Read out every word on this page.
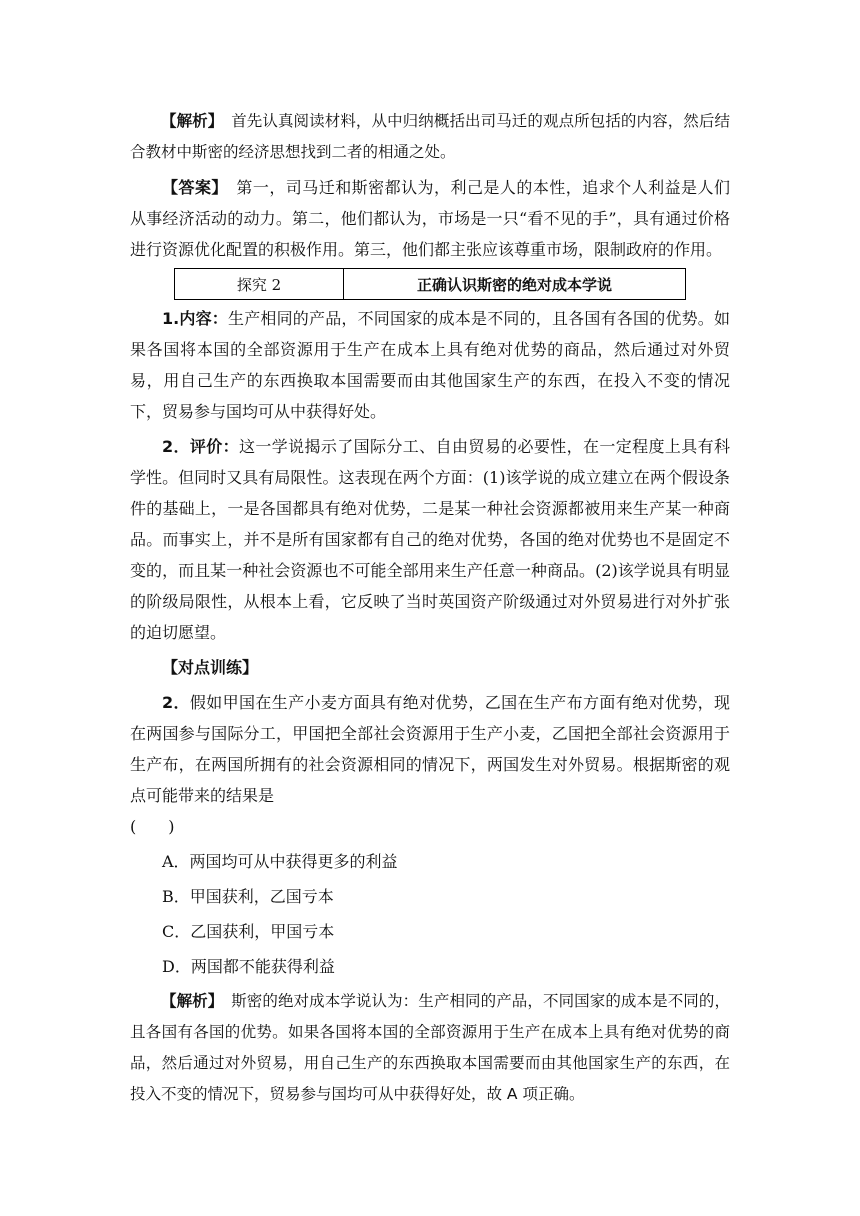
【解析】　 首先认真阅读材料，从中归纳概括出司马迁的观点所包括的内容，然后结合教材中斯密的经济思想找到二者的相通之处。

【答案】　 第一，司马迁和斯密都认为，利己是人的本性，追求个人利益是人们从事经济活动的动力。第二，他们都认为，市场是一只“看不见的手”，具有通过价格进行资源优化配置的积极作用。第三，他们都主张应该尊重市场，限制政府的作用。

探究 2	正确认识斯密的绝对成本学说

1.内容：生产相同的产品，不同国家的成本是不同的，且各国有各国的优势。如果各国将本国的全部资源用于生产在成本上具有绝对优势的商品，然后通过对外贸易，用自己生产的东西换取本国需要而由其他国家生产的东西，在投入不变的情况下，贸易参与国均可从中获得好处。

2．评价：这一学说揭示了国际分工、自由贸易的必要性，在一定程度上具有科学性。但同时又具有局限性。这表现在两个方面：(1)该学说的成立建立在两个假设条件的基础上，一是各国都具有绝对优势，二是某一种社会资源都被用来生产某一种商品。而事实上，并不是所有国家都有自己的绝对优势，各国的绝对优势也不是固定不变的，而且某一种社会资源也不可能全部用来生产任意一种商品。(2)该学说具有明显的阶级局限性，从根本上看，它反映了当时英国资产阶级通过对外贸易进行对外扩张的迫切愿望。

【对点训练】

2．假如甲国在生产小麦方面具有绝对优势，乙国在生产布方面有绝对优势，现在两国参与国际分工，甲国把全部社会资源用于生产小麦，乙国把全部社会资源用于生产布，在两国所拥有的社会资源相同的情况下，两国发生对外贸易。根据斯密的观点可能带来的结果是

(　　)

A．两国均可从中获得更多的利益

B．甲国获利，乙国亏本

C．乙国获利，甲国亏本

D．两国都不能获得利益

【解析】　 斯密的绝对成本学说认为：生产相同的产品，不同国家的成本是不同的，且各国有各国的优势。如果各国将本国的全部资源用于生产在成本上具有绝对优势的商品，然后通过对外贸易，用自己生产的东西换取本国需要而由其他国家生产的东西，在投入不变的情况下，贸易参与国均可从中获得好处，故 A 项正确。
